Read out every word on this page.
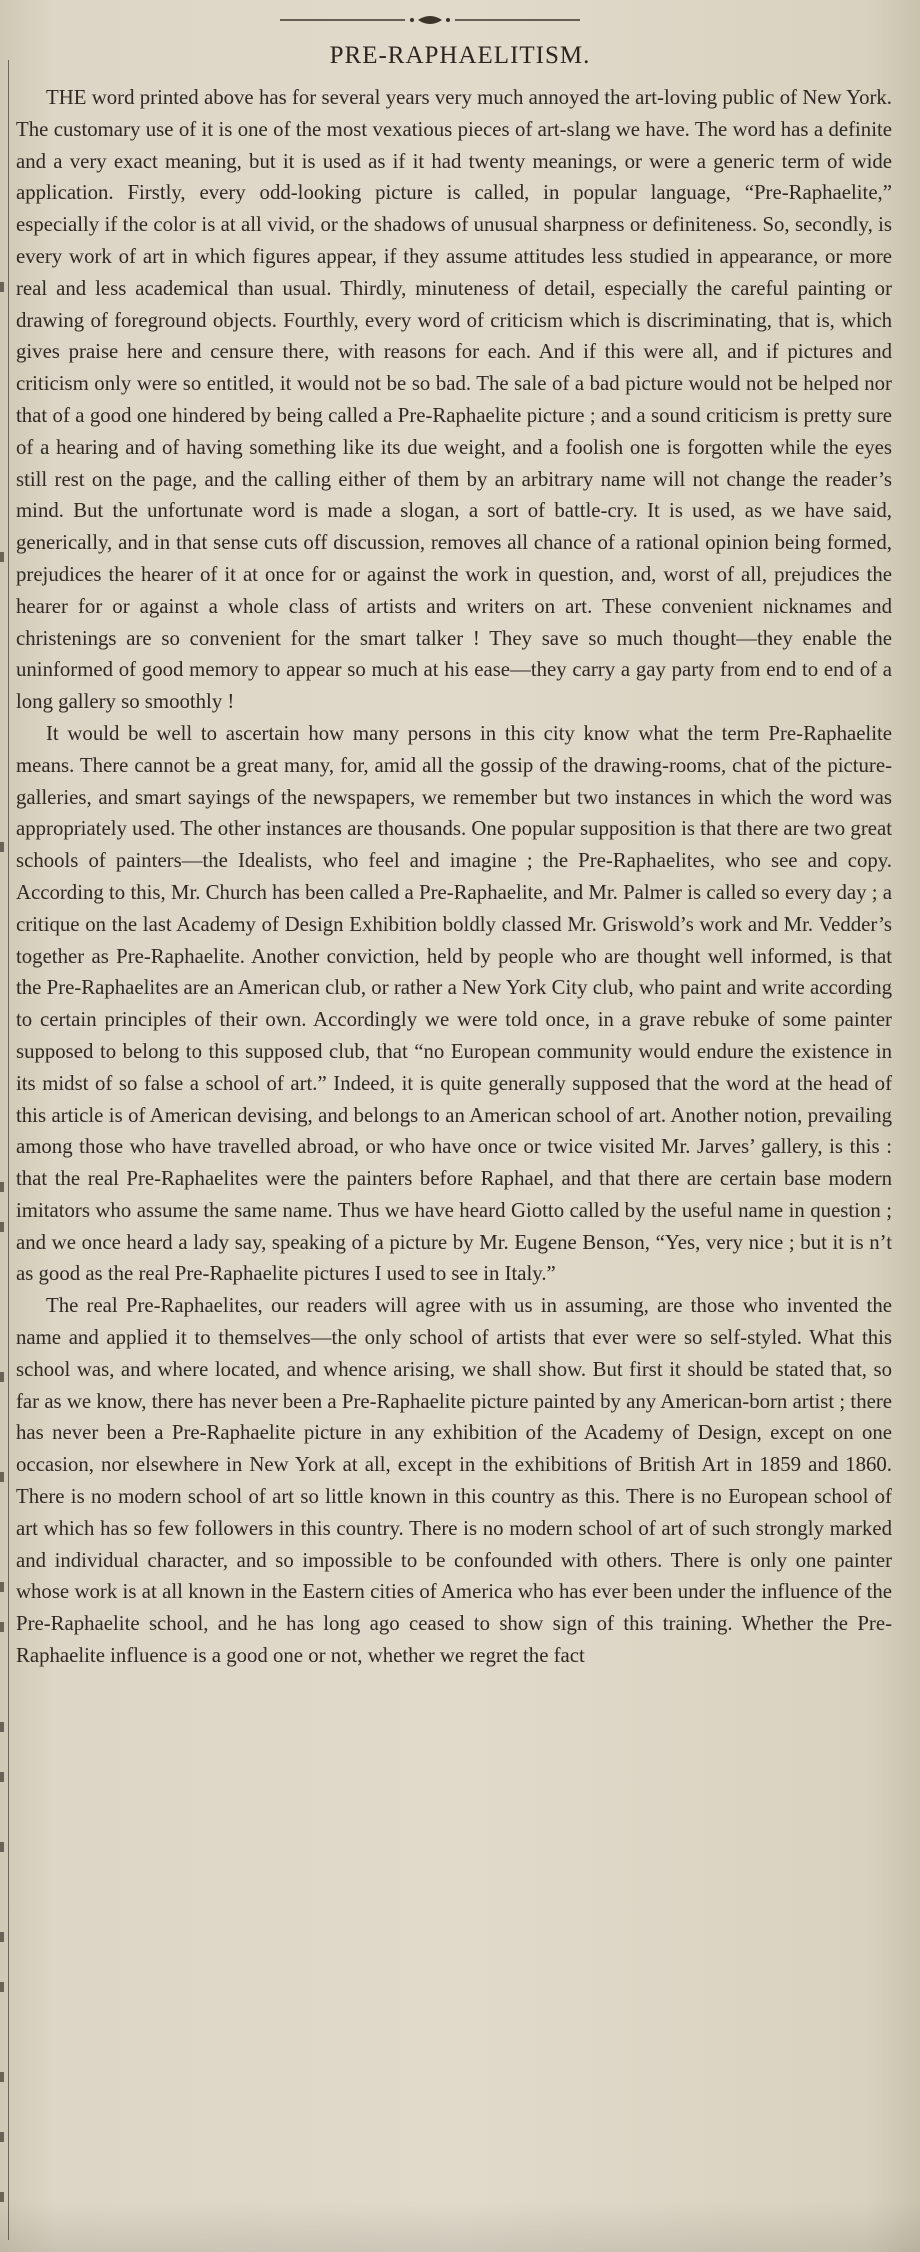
PRE-RAPHAELITISM.

THE word printed above has for several years very much annoyed the art-loving public of New York. The customary use of it is one of the most vexatious pieces of art-slang we have. The word has a definite and a very exact meaning, but it is used as if it had twenty meanings, or were a generic term of wide application. Firstly, every odd-looking picture is called, in popular language, “Pre-Raphaelite,” especially if the color is at all vivid, or the shadows of unusual sharpness or definiteness. So, secondly, is every work of art in which figures appear, if they assume attitudes less studied in appearance, or more real and less academical than usual. Thirdly, minuteness of detail, especially the careful painting or drawing of foreground objects. Fourthly, every word of criticism which is discriminating, that is, which gives praise here and censure there, with reasons for each. And if this were all, and if pictures and criticism only were so entitled, it would not be so bad. The sale of a bad picture would not be helped nor that of a good one hindered by being called a Pre-Raphaelite picture ; and a sound criticism is pretty sure of a hearing and of having something like its due weight, and a foolish one is forgotten while the eyes still rest on the page, and the calling either of them by an arbitrary name will not change the reader’s mind. But the unfortunate word is made a slogan, a sort of battle-cry. It is used, as we have said, generically, and in that sense cuts off discussion, removes all chance of a rational opinion being formed, prejudices the hearer of it at once for or against the work in question, and, worst of all, prejudices the hearer for or against a whole class of artists and writers on art. These convenient nicknames and christenings are so convenient for the smart talker ! They save so much thought—they enable the uninformed of good memory to appear so much at his ease—they carry a gay party from end to end of a long gallery so smoothly !

It would be well to ascertain how many persons in this city know what the term Pre-Raphaelite means. There cannot be a great many, for, amid all the gossip of the drawing-rooms, chat of the picture-galleries, and smart sayings of the newspapers, we remember but two instances in which the word was appropriately used. The other instances are thousands. One popular supposition is that there are two great schools of painters—the Idealists, who feel and imagine ; the Pre-Raphaelites, who see and copy. According to this, Mr. Church has been called a Pre-Raphaelite, and Mr. Palmer is called so every day ; a critique on the last Academy of Design Exhibition boldly classed Mr. Griswold’s work and Mr. Vedder’s together as Pre-Raphaelite. Another conviction, held by people who are thought well informed, is that the Pre-Raphaelites are an American club, or rather a New York City club, who paint and write according to certain principles of their own. Accordingly we were told once, in a grave rebuke of some painter supposed to belong to this supposed club, that “no European community would endure the existence in its midst of so false a school of art.” Indeed, it is quite generally supposed that the word at the head of this article is of American devising, and belongs to an American school of art. Another notion, prevailing among those who have travelled abroad, or who have once or twice visited Mr. Jarves’ gallery, is this : that the real Pre-Raphaelites were the painters before Raphael, and that there are certain base modern imitators who assume the same name. Thus we have heard Giotto called by the useful name in question ; and we once heard a lady say, speaking of a picture by Mr. Eugene Benson, “Yes, very nice ; but it is n’t as good as the real Pre-Raphaelite pictures I used to see in Italy.”

The real Pre-Raphaelites, our readers will agree with us in assuming, are those who invented the name and applied it to themselves—the only school of artists that ever were so self-styled. What this school was, and where located, and whence arising, we shall show. But first it should be stated that, so far as we know, there has never been a Pre-Raphaelite picture painted by any American-born artist ; there has never been a Pre-Raphaelite picture in any exhibition of the Academy of Design, except on one occasion, nor elsewhere in New York at all, except in the exhibitions of British Art in 1859 and 1860. There is no modern school of art so little known in this country as this. There is no European school of art which has so few followers in this country. There is no modern school of art of such strongly marked and individual character, and so impossible to be confounded with others. There is only one painter whose work is at all known in the Eastern cities of America who has ever been under the influence of the Pre-Raphaelite school, and he has long ago ceased to show sign of this training. Whether the Pre-Raphaelite influence is a good one or not, whether we regret the fact
